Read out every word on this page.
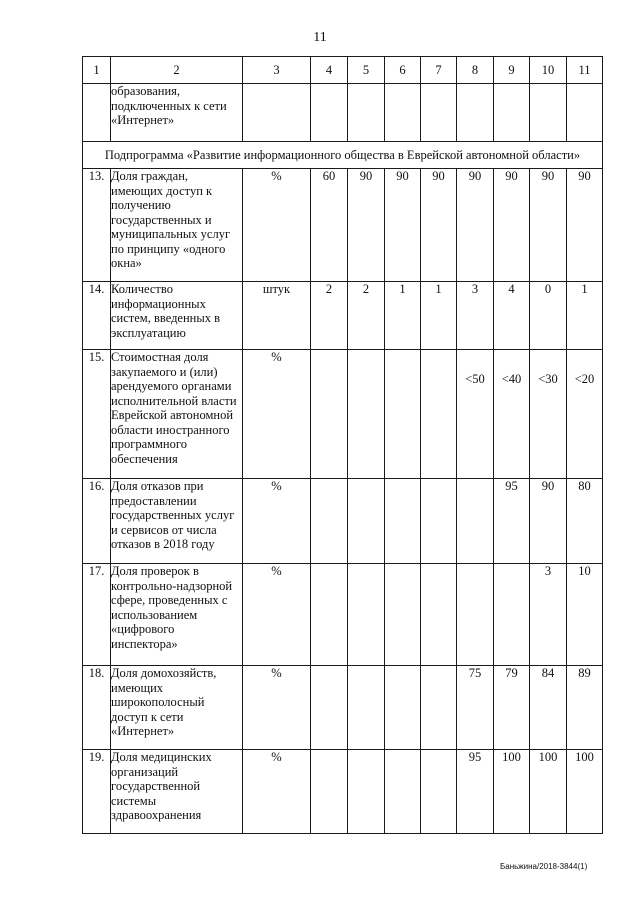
11
1	2	3	4	5	6	7	8	9	10	11
	образования, подключенных к сети «Интернет»									
Подпрограмма «Развитие информационного общества в Еврейской автономной области»										
13.	Доля граждан, имеющих доступ к получению государственных и муниципальных услуг по принципу «одного окна»	%	60	90	90	90	90	90	90	90
14.	Количество информационных систем, введенных в эксплуатацию	штук	2	2	1	1	3	4	0	1
15.	Стоимостная доля закупаемого и (или) арендуемого органами исполнительной власти Еврейской автономной области иностранного программного обеспечения	%					<50	<40	<30	<20
16.	Доля отказов при предоставлении государственных услуг и сервисов от числа отказов в 2018 году	%						95	90	80
17.	Доля проверок в контрольно-надзорной сфере, проведенных с использованием «цифрового инспектора»	%							3	10
18.	Доля домохозяйств, имеющих широкополосный доступ к сети «Интернет»	%					75	79	84	89
19.	Доля медицинских организаций государственной системы здравоохранения	%					95	100	100	100
Баньжина/2018-3844(1)
